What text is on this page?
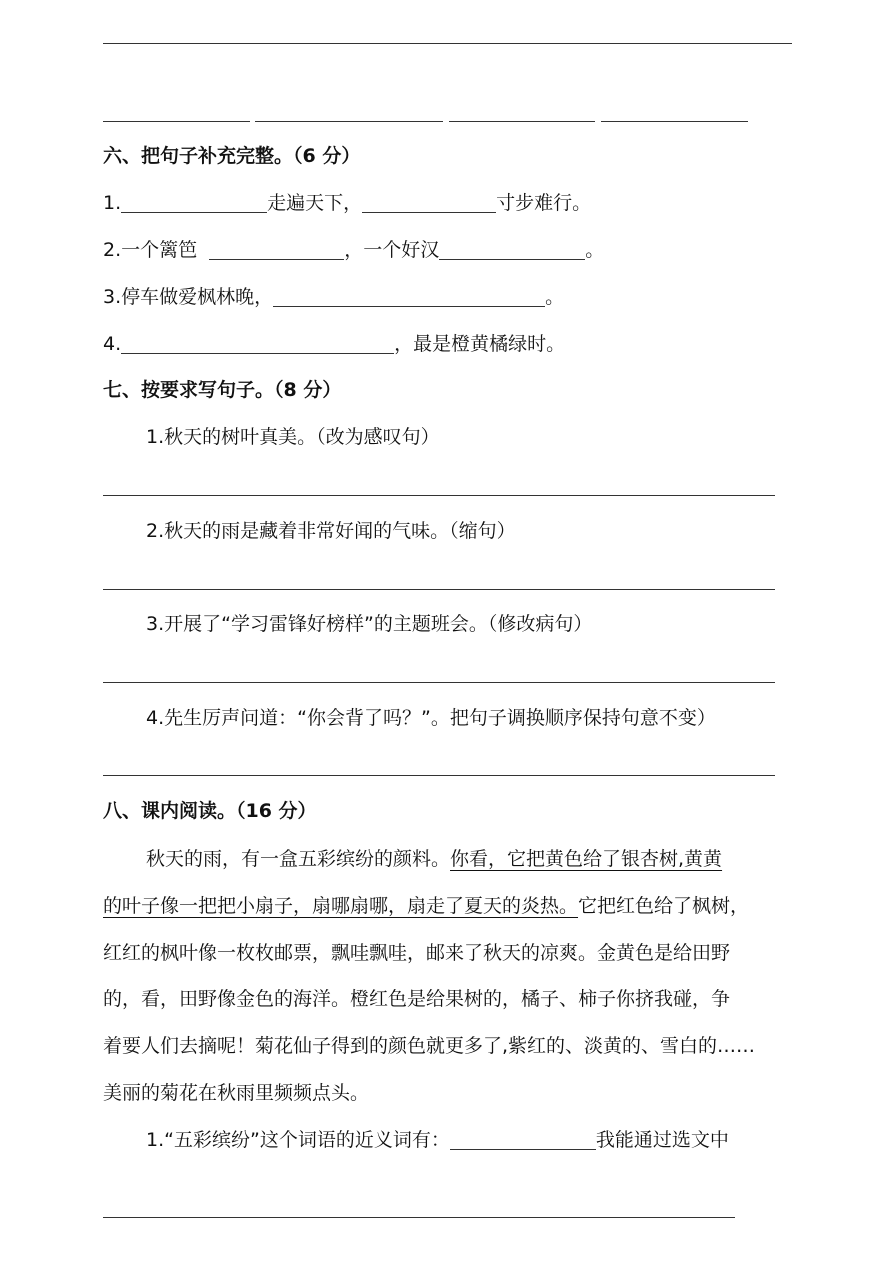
六、把句子补充完整。（6 分）
1.	走遍天下，	寸步难行。
2.一个篱笆	，一个好汉	。
3.停车做爱枫林晚，	。
4.	，最是橙黄橘绿时。
七、按要求写句子。（8 分）
1.秋天的树叶真美。（改为感叹句）
2.秋天的雨是藏着非常好闻的气味。（缩句）
3.开展了“学习雷锋好榜样”的主题班会。（修改病句）
4.先生厉声问道：“你会背了吗？”。把句子调换顺序保持句意不变）
八、课内阅读。（16 分）
秋天的雨，有一盒五彩缤纷的颜料。你看，它把黄色给了银杏树,黄黄
的叶子像一把把小扇子，扇哪扇哪，扇走了夏天的炎热。它把红色给了枫树，
红红的枫叶像一枚枚邮票，飘哇飘哇，邮来了秋天的凉爽。金黄色是给田野
的，看，田野像金色的海洋。橙红色是给果树的，橘子、柿子你挤我碰，争
着要人们去摘呢！菊花仙子得到的颜色就更多了,紫红的、淡黄的、雪白的……
美丽的菊花在秋雨里频频点头。
1.“五彩缤纷”这个词语的近义词有：	我能通过选文中
